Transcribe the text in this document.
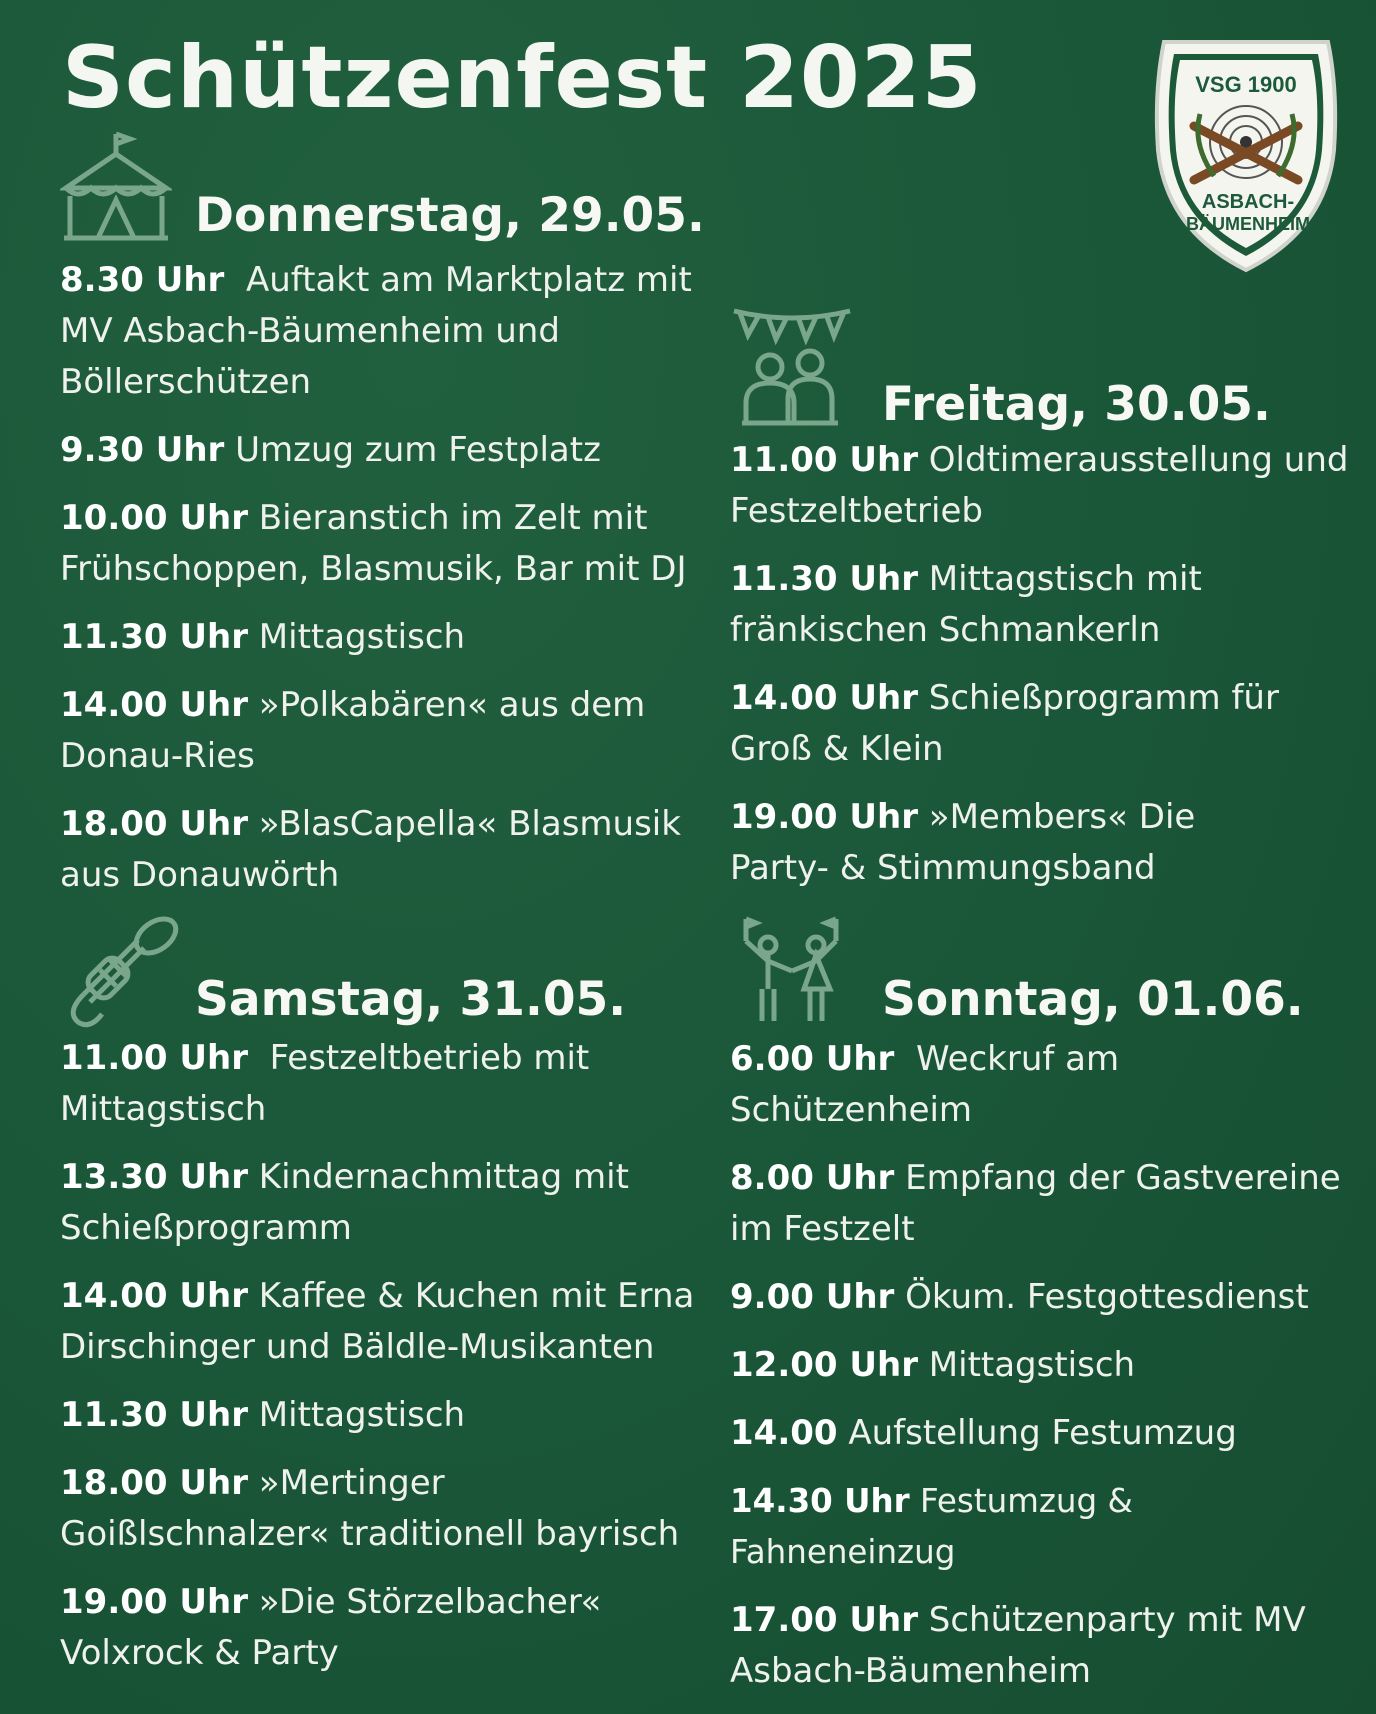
Schützenfest 2025	VSG 1900
ASBACH-
BÄUMENHEIM
Donnerstag, 29.05.

8.30 Uhr Auftakt am Marktplatz mit MV Asbach-Bäumenheim und Böllerschützen

9.30 Uhr Umzug zum Festplatz

10.00 Uhr Bieranstich im Zelt mit Frühschoppen, Blasmusik, Bar mit DJ

11.30 Uhr Mittagstisch

14.00 Uhr »Polkabären« aus dem Donau-Ries

18.00 Uhr »BlasCapella« Blasmusik aus Donauwörth

Freitag, 30.05.

11.00 Uhr Oldtimerausstellung und Festzeltbetrieb

11.30 Uhr Mittagstisch mit fränkischen Schmankerln

14.00 Uhr Schießprogramm für Groß & Klein

19.00 Uhr »Members« Die Party- & Stimmungsband

Samstag, 31.05.

11.00 Uhr Festzeltbetrieb mit Mittagstisch

13.30 Uhr Kindernachmittag mit Schießprogramm

14.00 Uhr Kaffee & Kuchen mit Erna Dirschinger und Bäldle-Musikanten

11.30 Uhr Mittagstisch

18.00 Uhr »Mertinger Goißlschnalzer« traditionell bayrisch

19.00 Uhr »Die Störzelbacher« Volxrock & Party

Sonntag, 01.06.

6.00 Uhr Weckruf am Schützenheim

8.00 Uhr Empfang der Gastvereine im Festzelt

9.00 Uhr Ökum. Festgottesdienst

12.00 Uhr Mittagstisch

14.00 Aufstellung Festumzug

14.30 Uhr Festumzug & Fahneneinzug

17.00 Uhr Schützenparty mit MV Asbach-Bäumenheim
